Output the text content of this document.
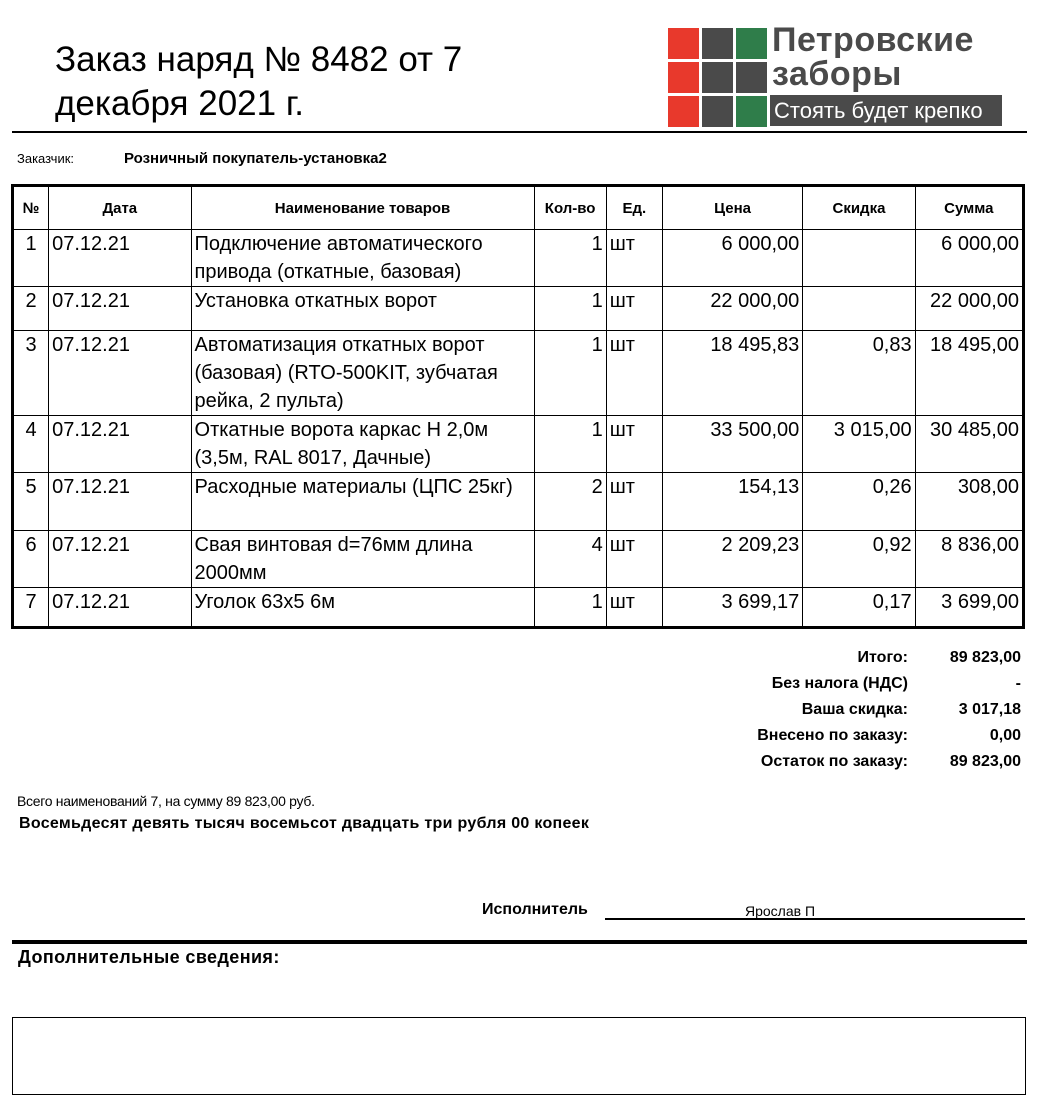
Заказ наряд № 8482 от 7 декабря 2021 г.
Петровские
заборы
Стоять будет крепко
Заказчик:	Розничный покупатель-установка2
№	Дата	Наименование товаров	Кол-во	Ед.	Цена	Скидка	Сумма
1	07.12.21	Подключение автоматического привода (откатные, базовая)	1	шт	6 000,00		6 000,00
2	07.12.21	Установка откатных ворот	1	шт	22 000,00		22 000,00
3	07.12.21	Автоматизация откатных ворот (базовая) (RTO-500KIT, зубчатая рейка, 2 пульта)	1	шт	18 495,83	0,83	18 495,00
4	07.12.21	Откатные ворота каркас Н 2,0м (3,5м, RAL 8017, Дачные)	1	шт	33 500,00	3 015,00	30 485,00
5	07.12.21	Расходные материалы (ЦПС 25кг)	2	шт	154,13	0,26	308,00
6	07.12.21	Свая винтовая d=76мм длина 2000мм	4	шт	2 209,23	0,92	8 836,00
7	07.12.21	Уголок 63х5 6м	1	шт	3 699,17	0,17	3 699,00
Итого:	89 823,00
Без налога (НДС)	-
Ваша скидка:	3 017,18
Внесено по заказу:	0,00
Остаток по заказу:	89 823,00
Всего наименований 7, на сумму 89 823,00 руб.
Восемьдесят девять тысяч восемьсот двадцать три рубля 00 копеек
Исполнитель	Ярослав П
Дополнительные сведения:
